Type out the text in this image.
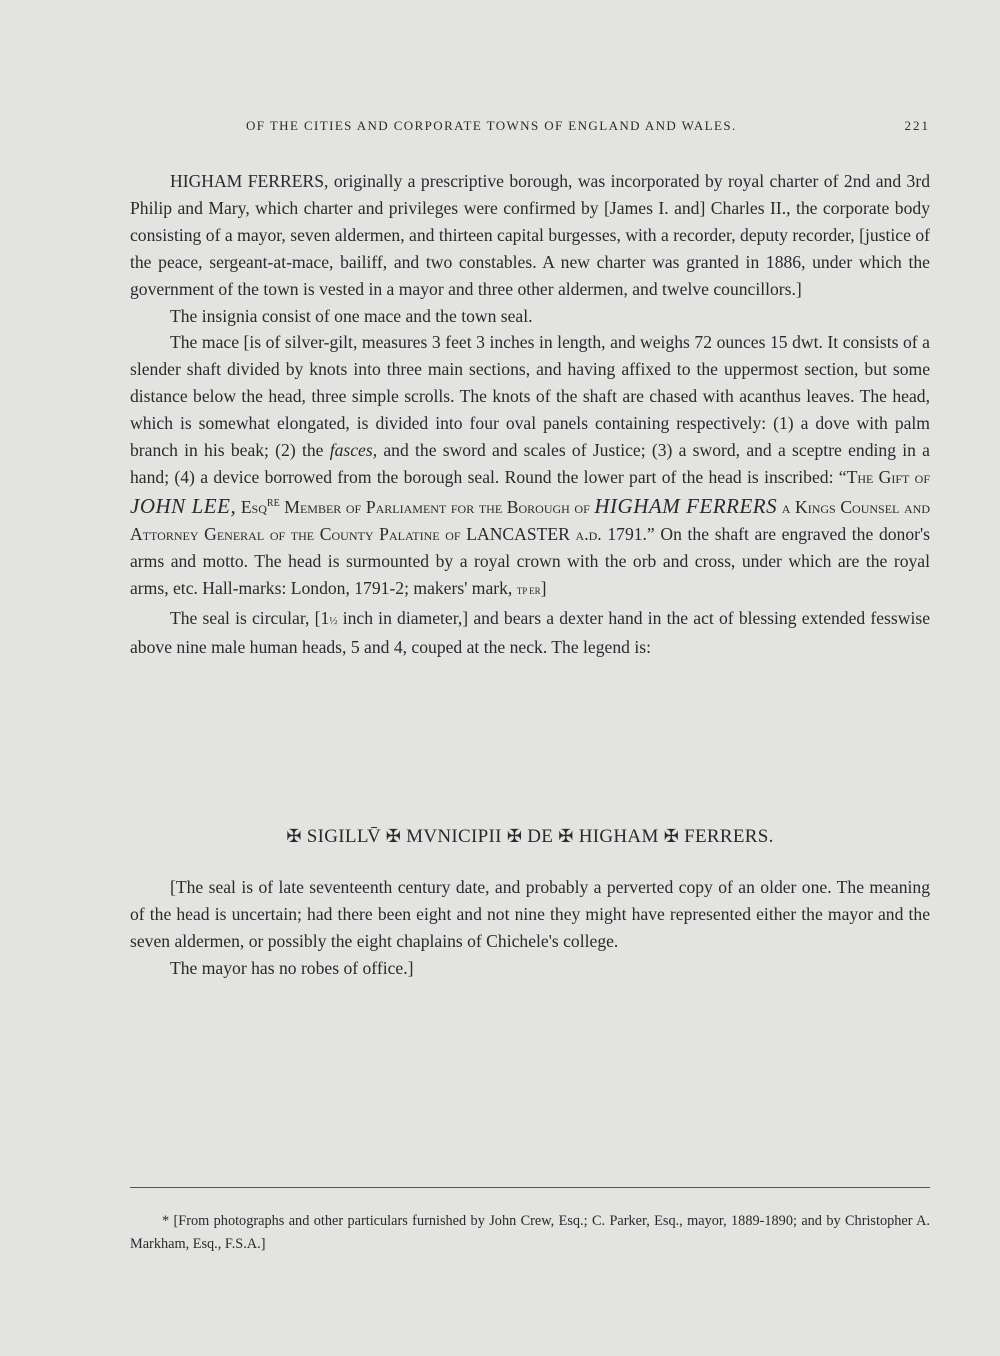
OF THE CITIES AND CORPORATE TOWNS OF ENGLAND AND WALES.	221

HIGHAM FERRERS, originally a prescriptive borough, was incorporated by royal charter of 2nd and 3rd Philip and Mary, which charter and privileges were confirmed by [James I. and] Charles II., the corporate body consisting of a mayor, seven aldermen, and thirteen capital burgesses, with a recorder, deputy recorder, [justice of the peace, sergeant-at-mace, bailiff, and two constables. A new charter was granted in 1886, under which the government of the town is vested in a mayor and three other aldermen, and twelve councillors.]

The insignia consist of one mace and the town seal.

The mace [is of silver-gilt, measures 3 feet 3 inches in length, and weighs 72 ounces 15 dwt. It consists of a slender shaft divided by knots into three main sections, and having affixed to the uppermost section, but some distance below the head, three simple scrolls. The knots of the shaft are chased with acanthus leaves. The head, which is somewhat elongated, is divided into four oval panels containing respectively: (1) a dove with palm branch in his beak; (2) the fasces, and the sword and scales of Justice; (3) a sword, and a sceptre ending in a hand; (4) a device borrowed from the borough seal. Round the lower part of the head is inscribed: “The Gift of JOHN LEE, Esq$^{RE}$ Member of Parliament for the Borough of HIGHAM FERRERS a Kings Counsel and Attorney General of the County Palatine of LANCASTER a.d. 1791.” On the shaft are engraved the donor's arms and motto. The head is surmounted by a royal crown with the orb and cross, under which are the royal arms, etc. Hall-marks: London, 1791-2; makers' mark, TP ER]

The seal is circular, [1½ inch in diameter,] and bears a dexter hand in the act of blessing extended fesswise above nine male human heads, 5 and 4, couped at the neck. The legend is:

✠ SIGILLV̄ ✠ MVNICIPII ✠ DE ✠ HIGHAM ✠ FERRERS.

[The seal is of late seventeenth century date, and probably a perverted copy of an older one. The meaning of the head is uncertain; had there been eight and not nine they might have represented either the mayor and the seven aldermen, or possibly the eight chaplains of Chichele's college.

The mayor has no robes of office.]

* [From photographs and other particulars furnished by John Crew, Esq.; C. Parker, Esq., mayor, 1889-1890; and by Christopher A. Markham, Esq., F.S.A.]
